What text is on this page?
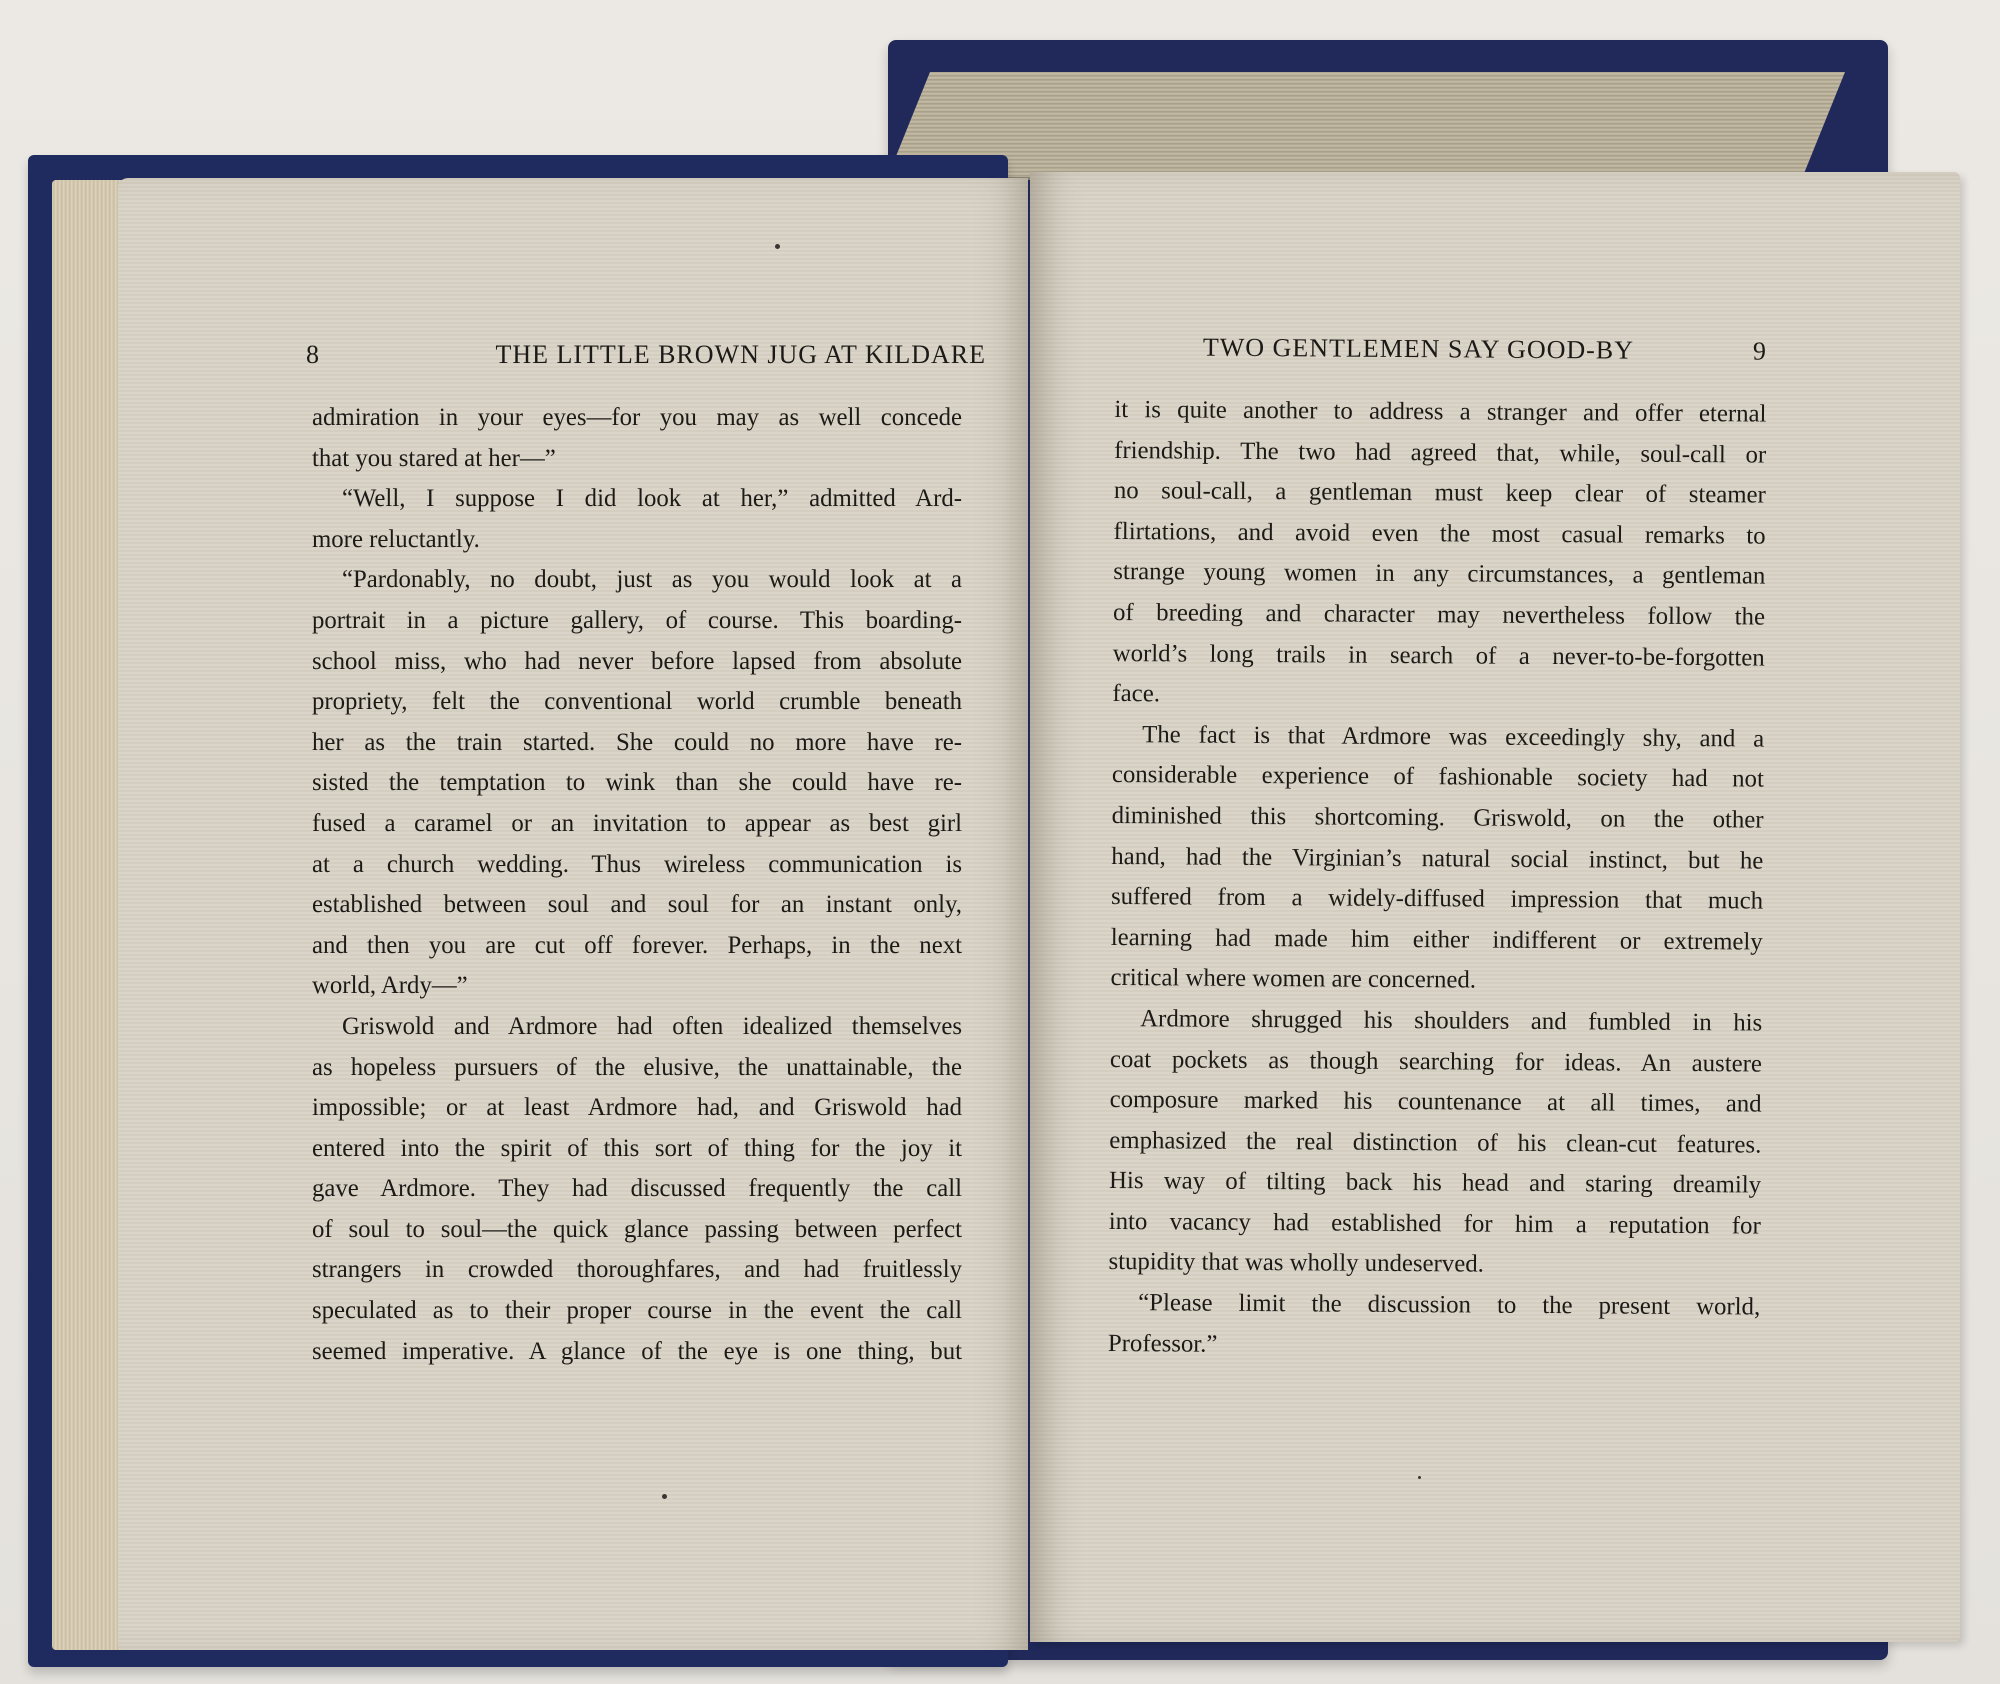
8	THE LITTLE BROWN JUG AT KILDARE
admiration in your eyes—for you may as well concede
that you stared at her—”
“Well, I suppose I did look at her,” admitted Ard-
more reluctantly.
“Pardonably, no doubt, just as you would look at a
portrait in a picture gallery, of course. This boarding-
school miss, who had never before lapsed from absolute
propriety, felt the conventional world crumble beneath
her as the train started. She could no more have re-
sisted the temptation to wink than she could have re-
fused a caramel or an invitation to appear as best girl
at a church wedding. Thus wireless communication is
established between soul and soul for an instant only,
and then you are cut off forever. Perhaps, in the next
world, Ardy—”
Griswold and Ardmore had often idealized themselves
as hopeless pursuers of the elusive, the unattainable, the
impossible; or at least Ardmore had, and Griswold had
entered into the spirit of this sort of thing for the joy it
gave Ardmore. They had discussed frequently the call
of soul to soul—the quick glance passing between perfect
strangers in crowded thoroughfares, and had fruitlessly
speculated as to their proper course in the event the call
seemed imperative. A glance of the eye is one thing, but
TWO GENTLEMEN SAY GOOD-BY	9
it is quite another to address a stranger and offer eternal
friendship. The two had agreed that, while, soul-call or
no soul-call, a gentleman must keep clear of steamer
flirtations, and avoid even the most casual remarks to
strange young women in any circumstances, a gentleman
of breeding and character may nevertheless follow the
world’s long trails in search of a never-to-be-forgotten
face.
The fact is that Ardmore was exceedingly shy, and a
considerable experience of fashionable society had not
diminished this shortcoming. Griswold, on the other
hand, had the Virginian’s natural social instinct, but he
suffered from a widely-diffused impression that much
learning had made him either indifferent or extremely
critical where women are concerned.
Ardmore shrugged his shoulders and fumbled in his
coat pockets as though searching for ideas. An austere
composure marked his countenance at all times, and
emphasized the real distinction of his clean-cut features.
His way of tilting back his head and staring dreamily
into vacancy had established for him a reputation for
stupidity that was wholly undeserved.
“Please limit the discussion to the present world,
Professor.”
